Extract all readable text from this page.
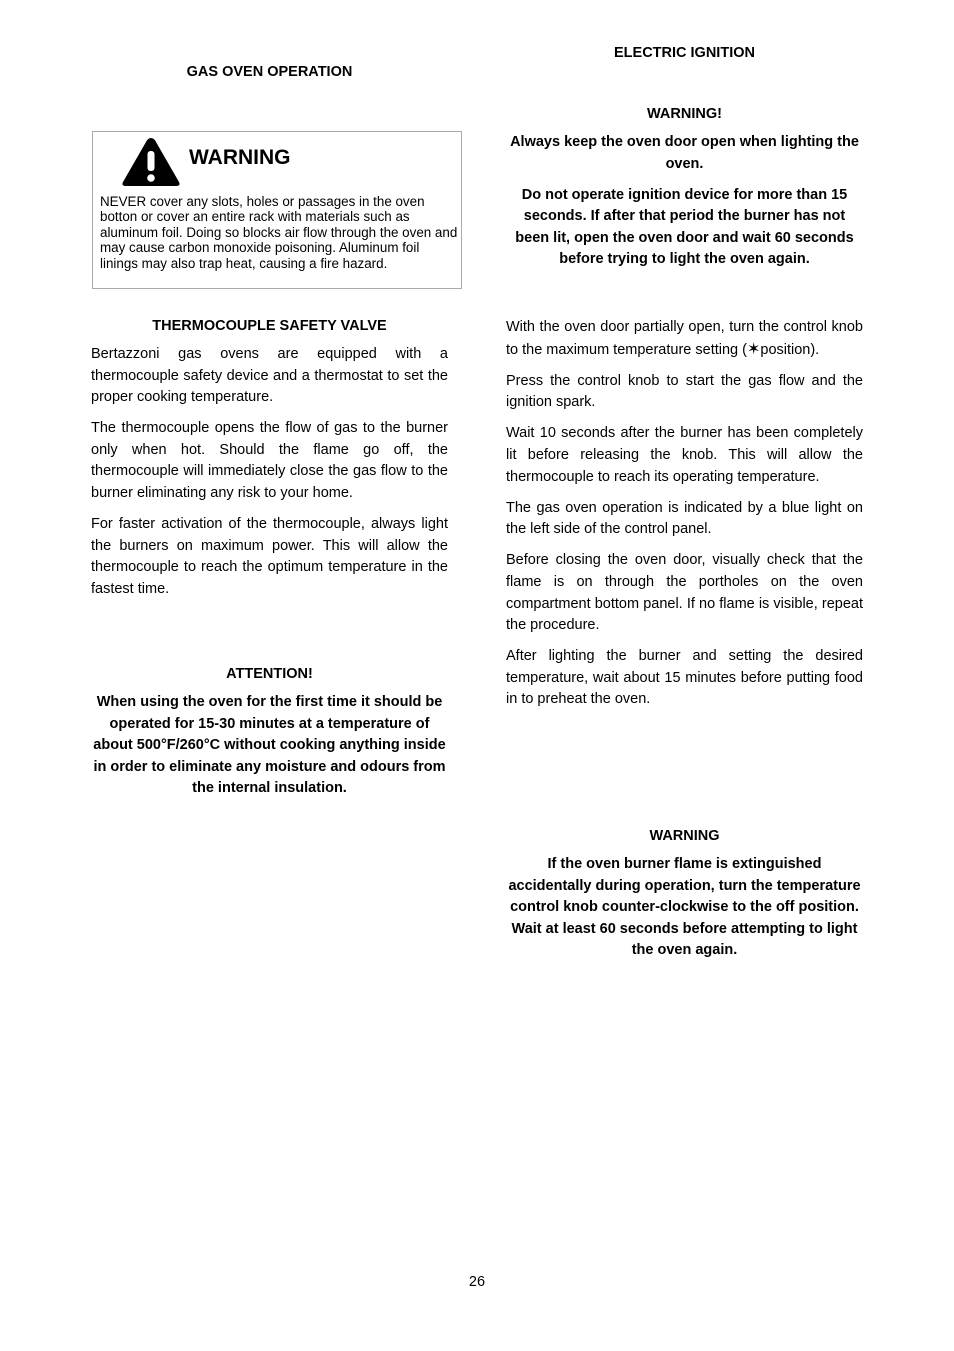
GAS OVEN OPERATION

WARNING
NEVER cover any slots, holes or passages in the oven botton or cover an entire rack with materials such as aluminum foil. Doing so blocks air flow through the oven and may cause carbon monoxide poisoning. Aluminum foil linings may also trap heat, causing a fire hazard.

THERMOCOUPLE SAFETY VALVE

Bertazzoni gas ovens are equipped with a thermocouple safety device and a thermostat to set the proper cooking temperature.

The thermocouple opens the flow of gas to the burner only when hot. Should the flame go off, the thermocouple will immediately close the gas flow to the burner eliminating any risk to your home.

For faster activation of the thermocouple, always light the burners on maximum power. This will allow the thermocouple to reach the optimum temperature in the fastest time.

ATTENTION!

When using the oven for the first time it should be operated for 15-30 minutes at a temperature of about 500°F/260°C without cooking anything inside in order to eliminate any moisture and odours from the internal insulation.

ELECTRIC IGNITION

WARNING!

Always keep the oven door open when lighting the oven.

Do not operate ignition device for more than 15 seconds. If after that period the burner has not been lit, open the oven door and wait 60 seconds before trying to light the oven again.

With the oven door partially open, turn the control knob to the maximum temperature setting (✶position).

Press the control knob to start the gas flow and the ignition spark.

Wait 10 seconds after the burner has been completely lit before releasing the knob. This will allow the thermocouple to reach its operating temperature.

The gas oven operation is indicated by a blue light on the left side of the control panel.

Before closing the oven door, visually check that the flame is on through the portholes on the oven compartment bottom panel. If no flame is visible, repeat the procedure.

After lighting the burner and setting the desired temperature, wait about 15 minutes before putting food in to preheat the oven.

WARNING

If the oven burner flame is extinguished accidentally during operation, turn the temperature control knob counter-clockwise to the off position. Wait at least 60 seconds before attempting to light the oven again.

26
